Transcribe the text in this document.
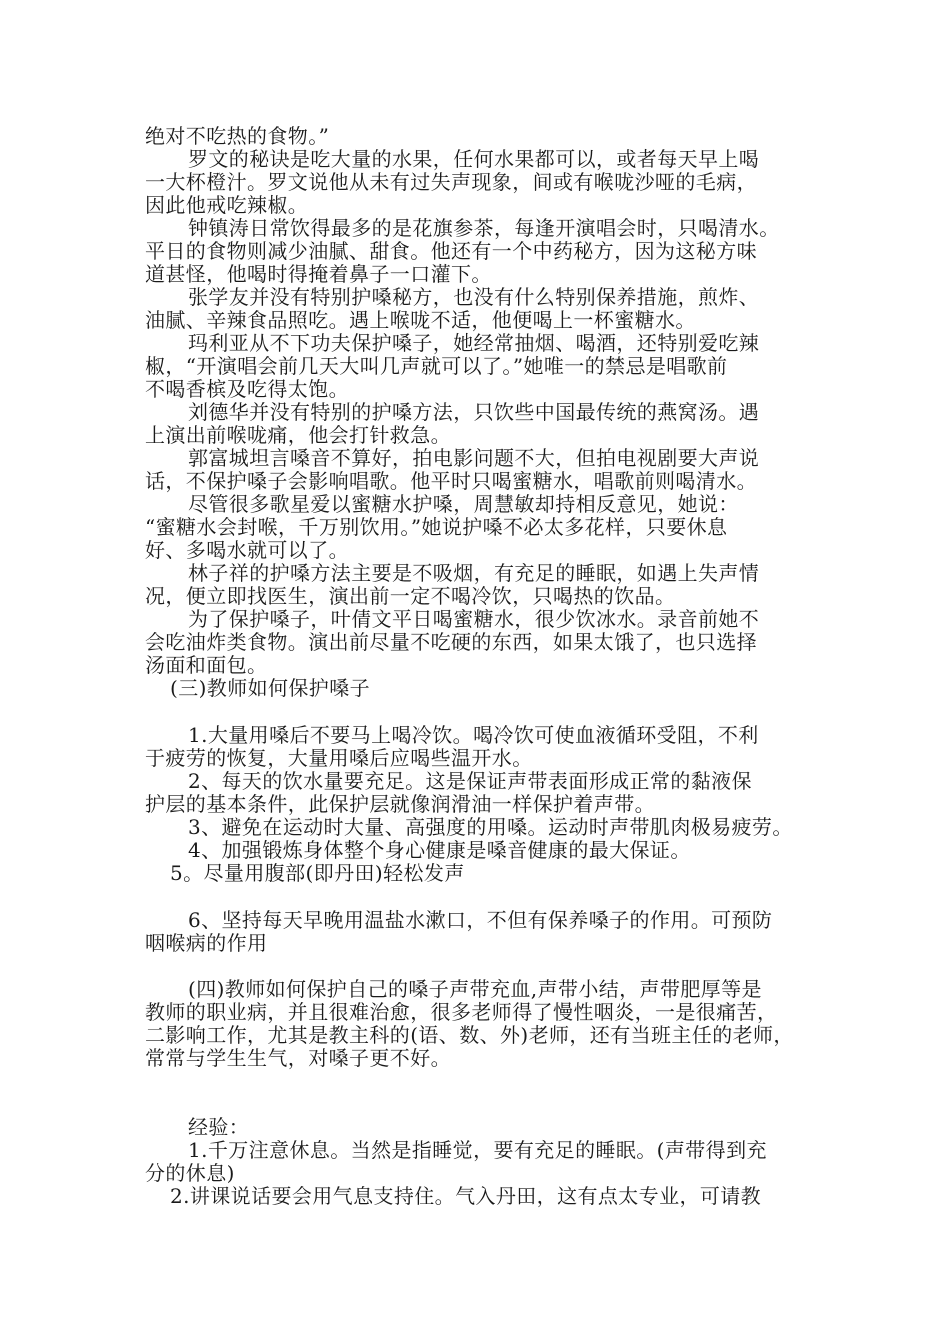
绝对不吃热的食物。”
罗文的秘诀是吃大量的水果，任何水果都可以，或者每天早上喝
一大杯橙汁。罗文说他从未有过失声现象，间或有喉咙沙哑的毛病，
因此他戒吃辣椒。
钟镇涛日常饮得最多的是花旗参茶，每逢开演唱会时，只喝清水。
平日的食物则减少油腻、甜食。他还有一个中药秘方，因为这秘方味
道甚怪，他喝时得掩着鼻子一口灌下。
张学友并没有特别护嗓秘方，也没有什么特别保养措施，煎炸、
油腻、辛辣食品照吃。遇上喉咙不适，他便喝上一杯蜜糖水。
玛利亚从不下功夫保护嗓子，她经常抽烟、喝酒，还特别爱吃辣
椒，“开演唱会前几天大叫几声就可以了。”她唯一的禁忌是唱歌前
不喝香槟及吃得太饱。
刘德华并没有特别的护嗓方法，只饮些中国最传统的燕窝汤。遇
上演出前喉咙痛，他会打针救急。
郭富城坦言嗓音不算好，拍电影问题不大，但拍电视剧要大声说
话，不保护嗓子会影响唱歌。他平时只喝蜜糖水，唱歌前则喝清水。
尽管很多歌星爱以蜜糖水护嗓，周慧敏却持相反意见，她说：
“蜜糖水会封喉，千万别饮用。”她说护嗓不必太多花样，只要休息
好、多喝水就可以了。
林子祥的护嗓方法主要是不吸烟，有充足的睡眠，如遇上失声情
况，便立即找医生，演出前一定不喝冷饮，只喝热的饮品。
为了保护嗓子，叶倩文平日喝蜜糖水，很少饮冰水。录音前她不
会吃油炸类食物。演出前尽量不吃硬的东西，如果太饿了，也只选择
汤面和面包。
(三)教师如何保护嗓子
1.大量用嗓后不要马上喝冷饮。喝冷饮可使血液循环受阻，不利
于疲劳的恢复，大量用嗓后应喝些温开水。
2、每天的饮水量要充足。这是保证声带表面形成正常的黏液保
护层的基本条件，此保护层就像润滑油一样保护着声带。
3、避免在运动时大量、高强度的用嗓。运动时声带肌肉极易疲劳。
4、加强锻炼身体整个身心健康是嗓音健康的最大保证。
5。尽量用腹部(即丹田)轻松发声
6、坚持每天早晚用温盐水漱口，不但有保养嗓子的作用。可预防
咽喉病的作用
(四)教师如何保护自己的嗓子声带充血,声带小结，声带肥厚等是
教师的职业病，并且很难治愈，很多老师得了慢性咽炎，一是很痛苦，
二影响工作，尤其是教主科的(语、数、外)老师，还有当班主任的老师，
常常与学生生气，对嗓子更不好。
经验：
1.千万注意休息。当然是指睡觉，要有充足的睡眠。(声带得到充
分的休息)
2.讲课说话要会用气息支持住。气入丹田，这有点太专业，可请教
